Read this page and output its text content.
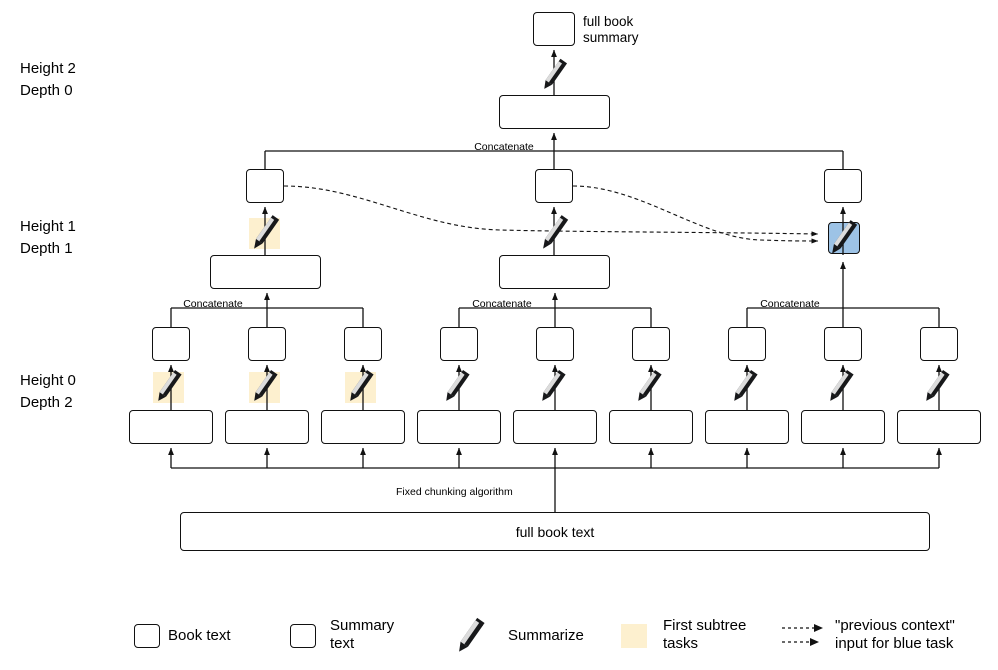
Height 2
Depth 0
Height 1
Depth 1
Height 0
Depth 2
full book
summary
full book text
Concatenate
Concatenate	Concatenate	Concatenate
Fixed chunking algorithm
Book text
Summary
text	Summarize
First subtree
tasks
"previous context"
input for blue task
